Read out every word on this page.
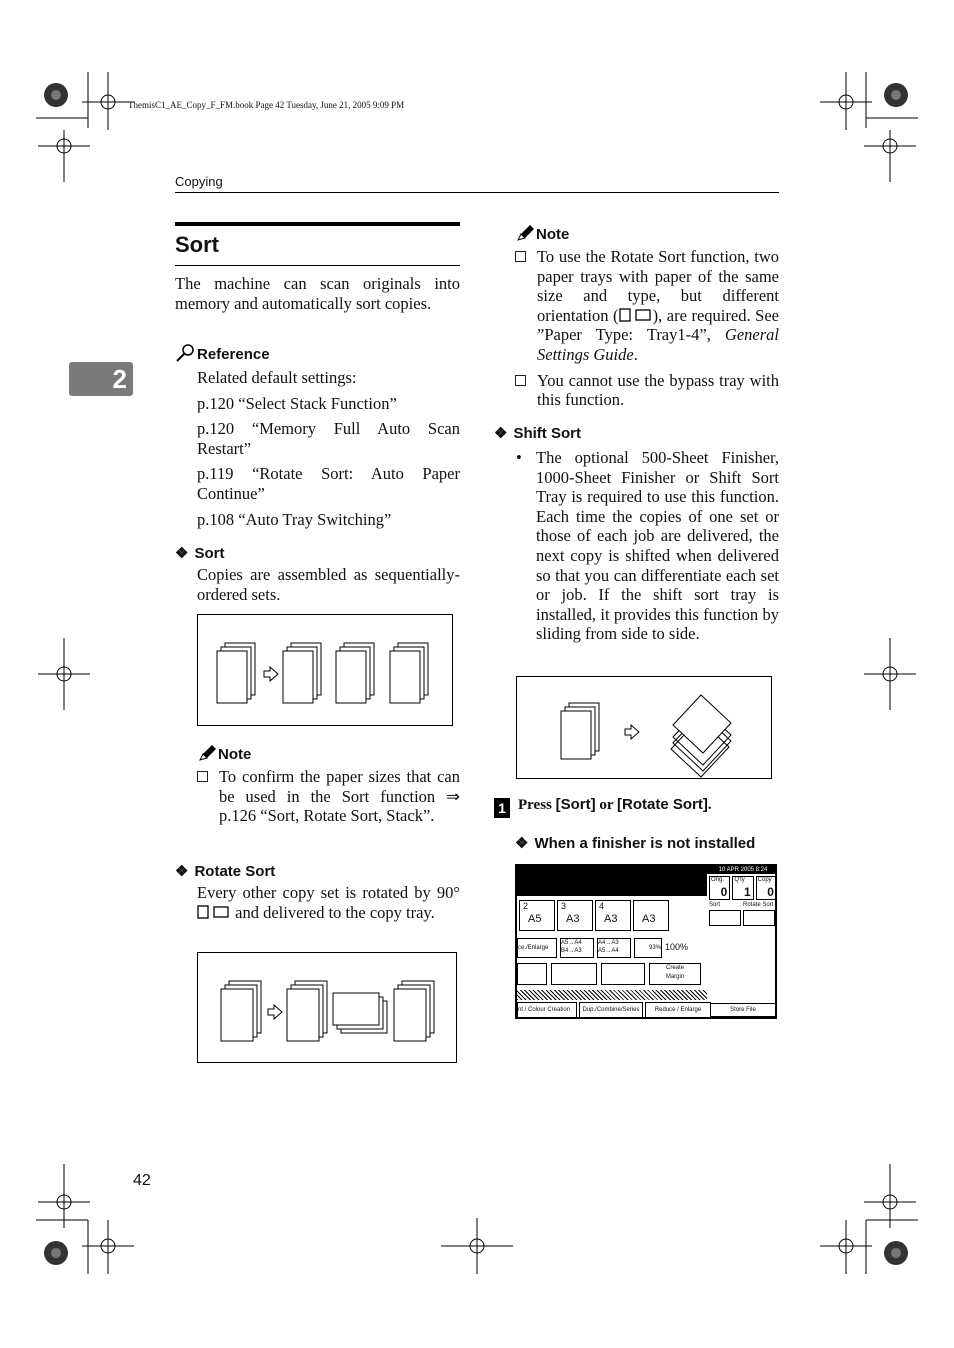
ThemisC1_AE_Copy_F_FM.book Page 42 Tuesday, June 21, 2005 9:09 PM
Copying
2
Sort
The machine can scan originals into memory and automatically sort copies.
Reference
Related default settings:
p.120 “Select Stack Function”
p.120 “Memory Full Auto Scan Restart”
p.119 “Rotate Sort: Auto Paper Continue”
p.108 “Auto Tray Switching”
❖ Sort
Copies are assembled as sequentially-ordered sets.
Note
To confirm the paper sizes that can be used in the Sort function ⇒ p.126 “Sort, Rotate Sort, Stack”.
❖ Rotate Sort
Every other copy set is rotated by 90°  and delivered to the copy tray.
Note
To use the Rotate Sort function, two paper trays with paper of the same size and type, but different orientation ( ), are required. See ”Paper Type: Tray1-4”, General Settings Guide.
You cannot use the bypass tray with this function.
❖ Shift Sort
• The optional 500-Sheet Finisher, 1000-Sheet Finisher or Shift Sort Tray is required to use this function. Each time the copies of one set or those of each job are delivered, the next copy is shifted when delivered so that you can differentiate each set or job. If the shift sort tray is installed, it provides this function by sliding from side to side.
1 Press [Sort] or [Rotate Sort].
❖ When a finisher is not installed
10 APR 2005 8:24
Orig.
0
Q'ty
1
Copy
0
2
A5
3
A3
4
A3 A3
Sort	Rotate Sort
ce./Enlarge
A5→A4
B4→A3
A4→A3
A5→A4	93% 100%
Create
Margin
nt / Colour Creation	Dup./Combine/Series	Reduce / Enlarge	Store File
42
